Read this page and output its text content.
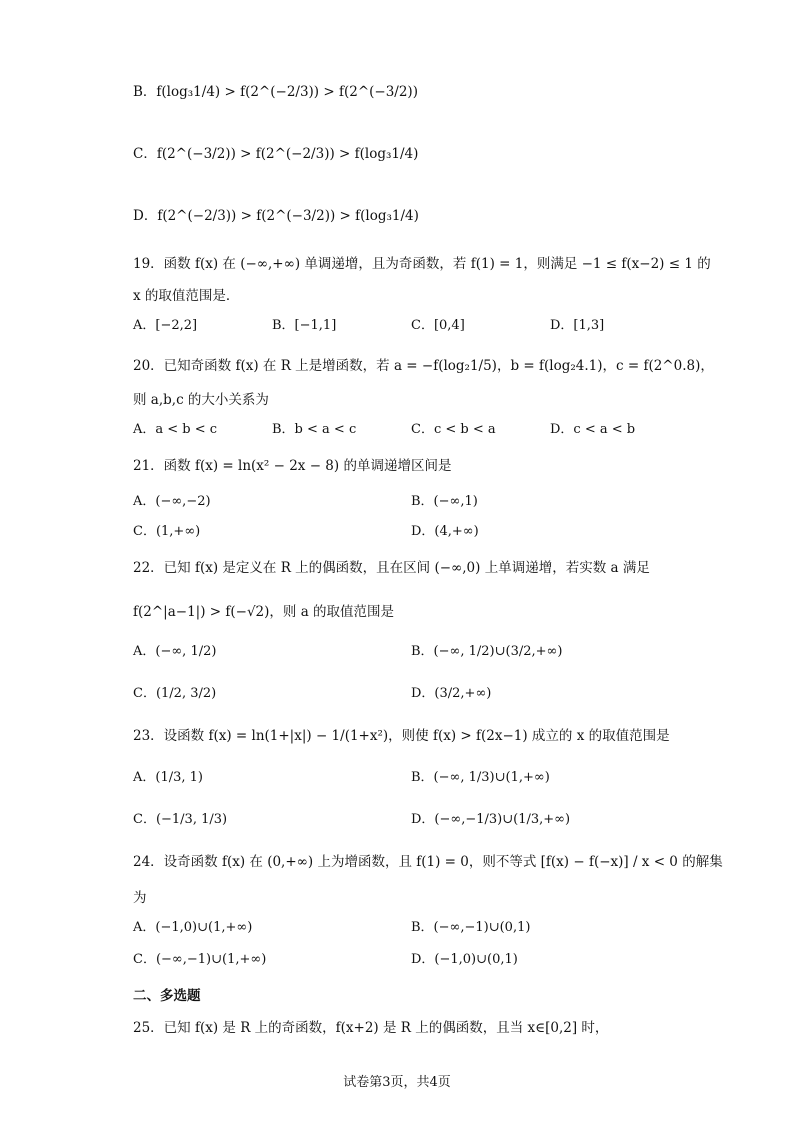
B．f(log₃1/4) > f(2^(−2/3)) > f(2^(−3/2))
C．f(2^(−3/2)) > f(2^(−2/3)) > f(log₃1/4)
D．f(2^(−2/3)) > f(2^(−3/2)) > f(log₃1/4)
19．函数 f(x) 在 (−∞,+∞) 单调递增，且为奇函数，若 f(1) = 1，则满足 −1 ≤ f(x−2) ≤ 1 的
x 的取值范围是．
A．[−2,2]	B．[−1,1]	C．[0,4]	D．[1,3]
20．已知奇函数 f(x) 在 R 上是增函数，若 a = −f(log₂1/5)，b = f(log₂4.1)，c = f(2^0.8)，
则 a,b,c 的大小关系为
A．a < b < c	B．b < a < c	C．c < b < a	D．c < a < b
21．函数 f(x) = ln(x² − 2x − 8) 的单调递增区间是
A．(−∞,−2)	B．(−∞,1)
C．(1,+∞)	D．(4,+∞)
22．已知 f(x) 是定义在 R 上的偶函数，且在区间 (−∞,0) 上单调递增，若实数 a 满足
f(2^|a−1|) > f(−√2)，则 a 的取值范围是
A．(−∞, 1/2)	B．(−∞, 1/2)∪(3/2,+∞)
C．(1/2, 3/2)	D．(3/2,+∞)
23．设函数 f(x) = ln(1+|x|) − 1/(1+x²)，则使 f(x) > f(2x−1) 成立的 x 的取值范围是
A．(1/3, 1)	B．(−∞, 1/3)∪(1,+∞)
C．(−1/3, 1/3)	D．(−∞,−1/3)∪(1/3,+∞)
24．设奇函数 f(x) 在 (0,+∞) 上为增函数，且 f(1) = 0，则不等式 [f(x) − f(−x)] / x < 0 的解集
为
A．(−1,0)∪(1,+∞)	B．(−∞,−1)∪(0,1)
C．(−∞,−1)∪(1,+∞)	D．(−1,0)∪(0,1)
二、多选题
25．已知 f(x) 是 R 上的奇函数，f(x+2) 是 R 上的偶函数，且当 x∈[0,2] 时，
试卷第3页，共4页
